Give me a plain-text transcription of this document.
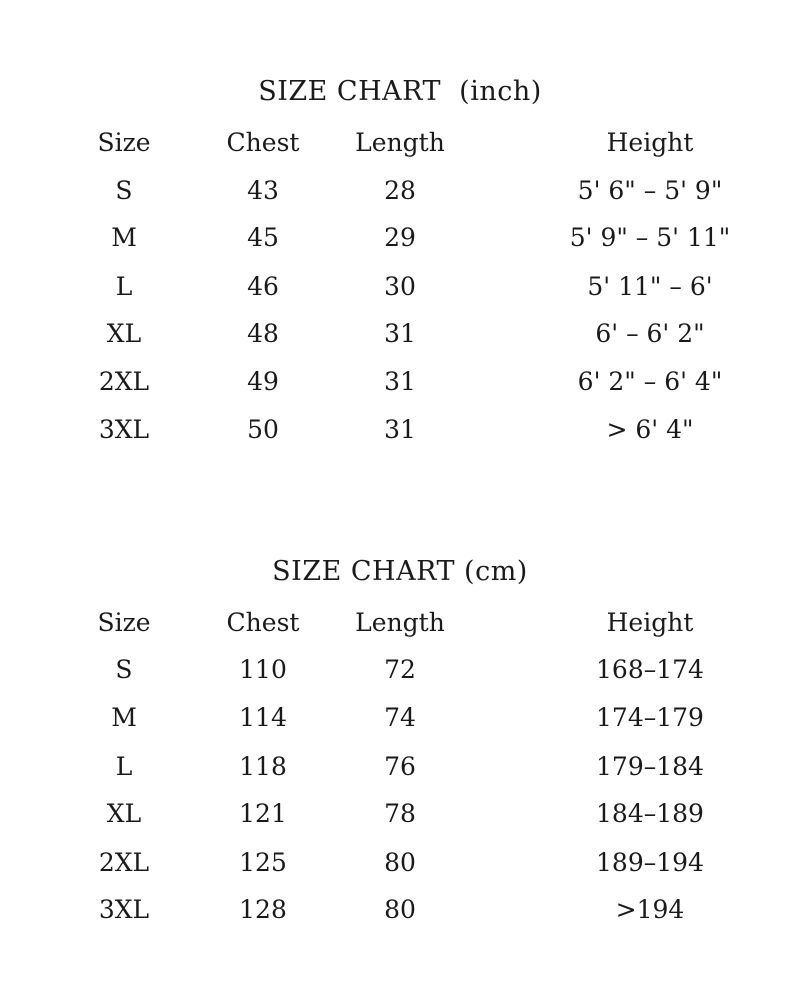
SIZE CHART  (inch)
Size	Chest	Length	Height
S	43	28	5' 6" – 5' 9"
M	45	29	5' 9" – 5' 11"
L	46	30	5' 11" – 6'
XL	48	31	6' – 6' 2"
2XL	49	31	6' 2" – 6' 4"
3XL	50	31	> 6' 4"
SIZE CHART (cm)
Size	Chest	Length	Height
S	110	72	168–174
M	114	74	174–179
L	118	76	179–184
XL	121	78	184–189
2XL	125	80	189–194
3XL	128	80	>194
